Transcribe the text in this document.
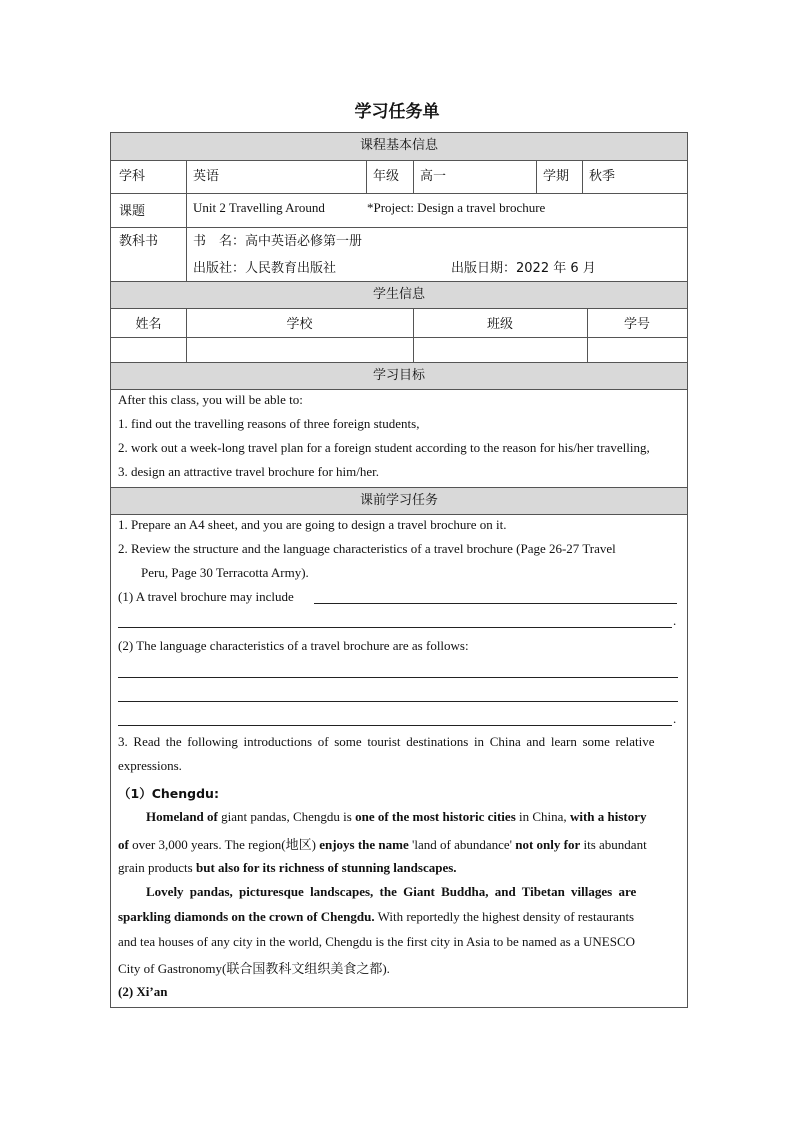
学习任务单
课程基本信息
学科	英语	年级 高一	学期 秋季
课题	Unit 2 Travelling Around	*Project: Design a travel brochure
教科书	书　名：高中英语必修第一册
出版社：人民教育出版社	出版日期：2022 年 6 月
学生信息
姓名	学校	班级	学号
学习目标
After this class, you will be able to:
1. find out the travelling reasons of three foreign students,
2. work out a week-long travel plan for a foreign student according to the reason for his/her travelling,
3. design an attractive travel brochure for him/her.
课前学习任务
1. Prepare an A4 sheet, and you are going to design a travel brochure on it.
2. Review the structure and the language characteristics of a travel brochure (Page 26-27 Travel
Peru, Page 30 Terracotta Army).
(1) A travel brochure may include
.
(2) The language characteristics of a travel brochure are as follows:
.
3. Read the following introductions of some tourist destinations in China and learn some relative
expressions.
（1）Chengdu:
Homeland of giant pandas, Chengdu is one of the most historic cities in China, with a history
of over 3,000 years. The region(地区) enjoys the name 'land of abundance' not only for its abundant
grain products but also for its richness of stunning landscapes.
Lovely pandas, picturesque landscapes, the Giant Buddha, and Tibetan villages are
sparkling diamonds on the crown of Chengdu. With reportedly the highest density of restaurants
and tea houses of any city in the world, Chengdu is the first city in Asia to be named as a UNESCO
City of Gastronomy(联合国教科文组织美食之都).
(2) Xi’an
